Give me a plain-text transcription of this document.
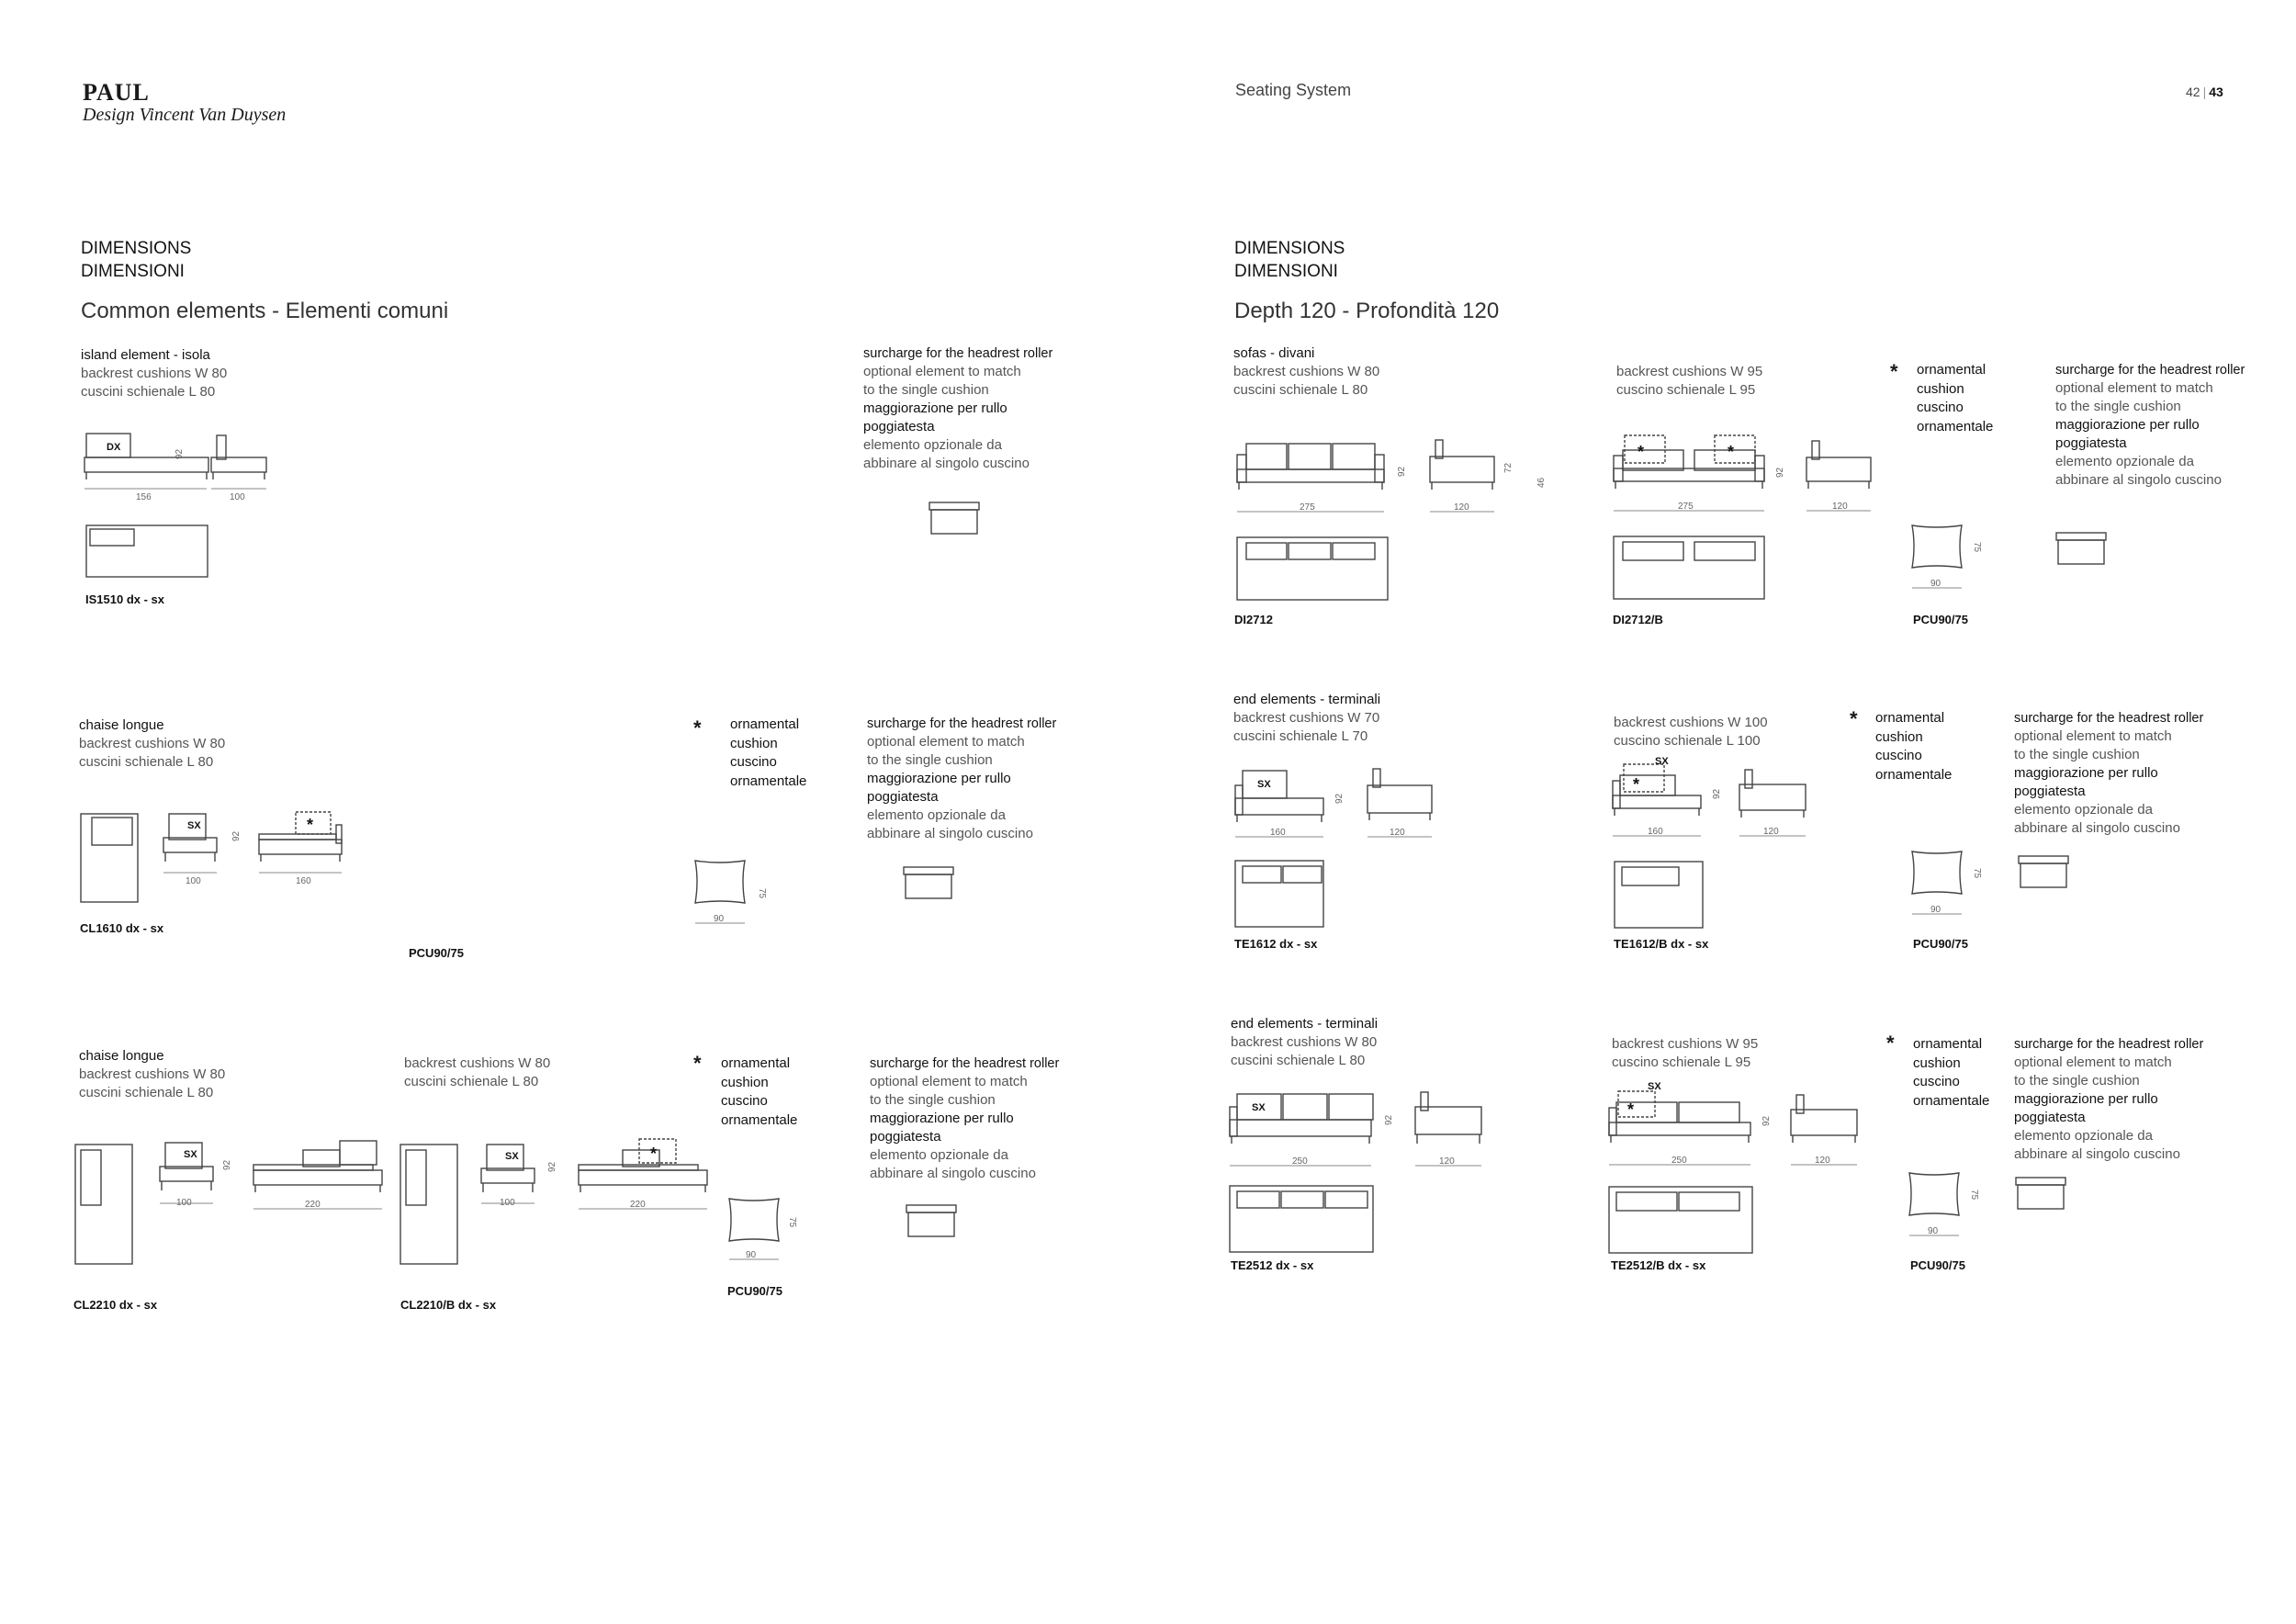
PAUL
Design Vincent Van Duysen
Seating System	42 | 43
DIMENSIONS
DIMENSIONI
Common elements - Elementi comuni
DIMENSIONS
DIMENSIONI
Depth 120 - Profondità 120
island element - isola
backrest cushions W 80
cuscini schienale L 80
DX
156
92
100
IS1510 dx - sx
surcharge for the headrest roller
optional element to match
to the single cushion
maggiorazione per rullo
poggiatesta
elemento opzionale da
abbinare al singolo cuscino
chaise longue
backrest cushions W 80
cuscini schienale L 80
SX
92
100
*
160
CL1610 dx - sx
PCU90/75
* ornamental
cushion
cuscino
ornamentale
75
90
surcharge for the headrest roller
optional element to match
to the single cushion
maggiorazione per rullo
poggiatesta
elemento opzionale da
abbinare al singolo cuscino
chaise longue
backrest cushions W 80
cuscini schienale L 80
SX
92
100	220
CL2210 dx - sx
backrest cushions W 80
cuscini schienale L 80
SX
92
100
*
220
CL2210/B dx - sx
* ornamental
cushion
cuscino
ornamentale
75
90
PCU90/75
surcharge for the headrest roller
optional element to match
to the single cushion
maggiorazione per rullo
poggiatesta
elemento opzionale da
abbinare al singolo cuscino
sofas - divani
backrest cushions W 80
cuscini schienale L 80
92
275
72
46
120
DI2712
backrest cushions W 95
cuscino schienale L 95
*	*
92
275	120
DI2712/B
* ornamental
cushion
cuscino
ornamentale
75
90
PCU90/75
surcharge for the headrest roller
optional element to match
to the single cushion
maggiorazione per rullo
poggiatesta
elemento opzionale da
abbinare al singolo cuscino
end elements - terminali
backrest cushions W 70
cuscini schienale L 70
SX
92
160	120
TE1612 dx - sx
backrest cushions W 100
cuscino schienale L 100
SX
*
92
160	120
TE1612/B dx - sx
* ornamental
cushion
cuscino
ornamentale
75
90
PCU90/75
surcharge for the headrest roller
optional element to match
to the single cushion
maggiorazione per rullo
poggiatesta
elemento opzionale da
abbinare al singolo cuscino
end elements - terminali
backrest cushions W 80
cuscini schienale L 80
SX
92
250	120
TE2512 dx - sx
backrest cushions W 95
cuscino schienale L 95
SX
*
92
250	120
TE2512/B dx - sx
* ornamental
cushion
cuscino
ornamentale
75
90
PCU90/75
surcharge for the headrest roller
optional element to match
to the single cushion
maggiorazione per rullo
poggiatesta
elemento opzionale da
abbinare al singolo cuscino
